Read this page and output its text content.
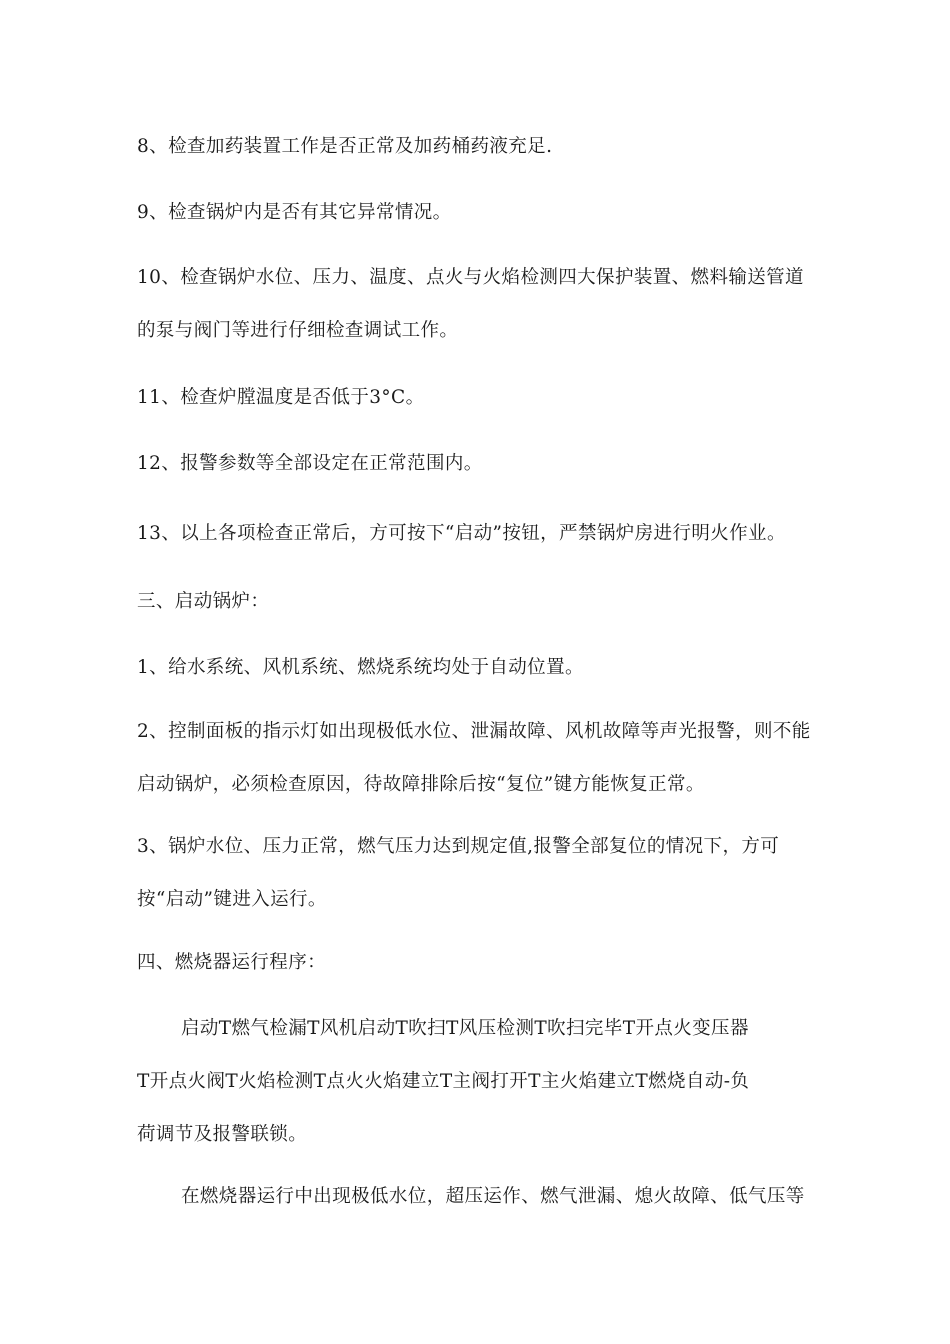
8、检查加药装置工作是否正常及加药桶药液充足.
9、检查锅炉内是否有其它异常情况。
10、检查锅炉水位、压力、温度、点火与火焰检测四大保护装置、燃料输送管道
的泵与阀门等进行仔细检查调试工作。
11、检查炉膛温度是否低于3°C。
12、报警参数等全部设定在正常范围内。
13、以上各项检查正常后，方可按下“启动”按钮，严禁锅炉房进行明火作业。
三、启动锅炉：
1、给水系统、风机系统、燃烧系统均处于自动位置。
2、控制面板的指示灯如出现极低水位、泄漏故障、风机故障等声光报警，则不能
启动锅炉，必须检查原因，待故障排除后按“复位”键方能恢复正常。
3、锅炉水位、压力正常，燃气压力达到规定值,报警全部复位的情况下，方可
按“启动”键进入运行。
四、燃烧器运行程序：
启动T燃气检漏T风机启动T吹扫T风压检测T吹扫完毕T开点火变压器
T开点火阀T火焰检测T点火火焰建立T主阀打开T主火焰建立T燃烧自动-负
荷调节及报警联锁。
在燃烧器运行中出现极低水位，超压运作、燃气泄漏、熄火故障、低气压等
